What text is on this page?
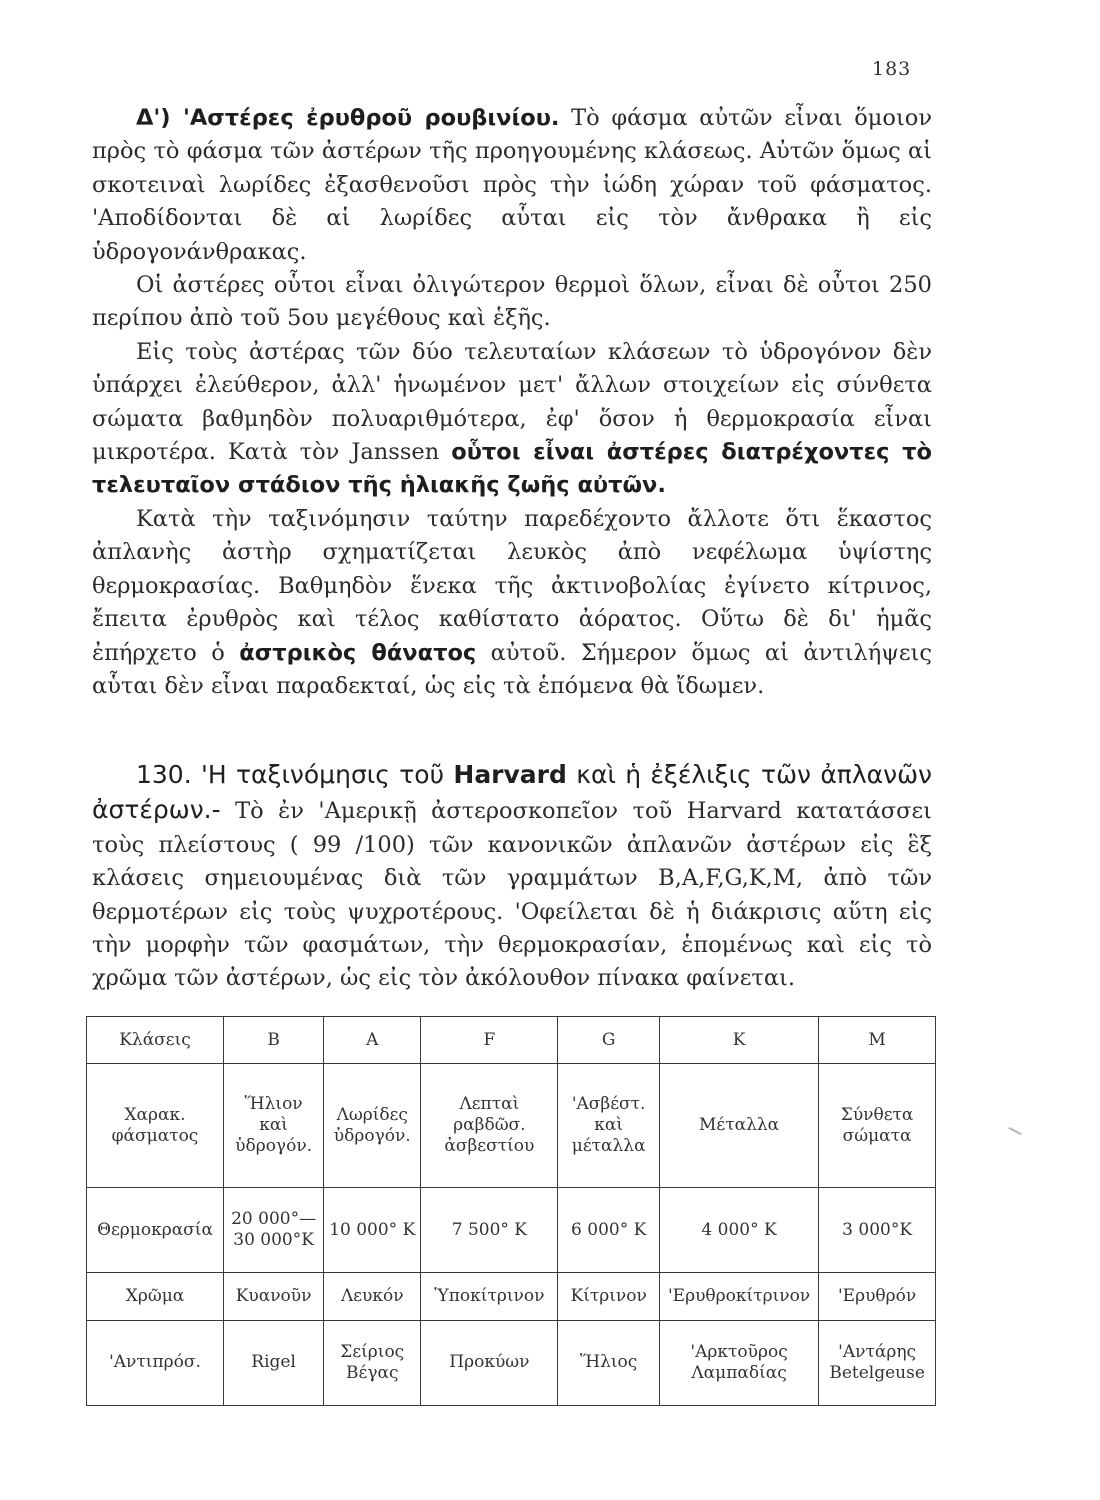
183

Δ') 'Αστέρες ἐρυθροῦ ρουβινίου. Τὸ φάσμα αὐτῶν εἶναι ὅμοιον πρὸς τὸ φάσμα τῶν ἀστέρων τῆς προηγουμένης κλάσεως. Αὐτῶν ὅμως αἱ σκοτειναὶ λωρίδες ἐξασθενοῦσι πρὸς τὴν ἰώδη χώραν τοῦ φάσματος. 'Αποδίδονται δὲ αἱ λωρίδες αὗται εἰς τὸν ἄνθρακα ἢ εἰς ὑδρογονάνθρακας.

Οἱ ἀστέρες οὗτοι εἶναι ὀλιγώτερον θερμοὶ ὅλων, εἶναι δὲ οὗτοι 250 περίπου ἀπὸ τοῦ 5ου μεγέθους καὶ ἑξῆς.

Εἰς τοὺς ἀστέρας τῶν δύο τελευταίων κλάσεων τὸ ὑδρογόνον δὲν ὑπάρχει ἐλεύθερον, ἀλλ' ἡνωμένον μετ' ἄλλων στοιχείων εἰς σύνθετα σώματα βαθμηδὸν πολυαριθμότερα, ἐφ' ὅσον ἡ θερμοκρασία εἶναι μικροτέρα. Κατὰ τὸν Janssen οὗτοι εἶναι ἀστέρες διατρέχοντες τὸ τελευταῖον στάδιον τῆς ἡλιακῆς ζωῆς αὐτῶν.

Κατὰ τὴν ταξινόμησιν ταύτην παρεδέχοντο ἄλλοτε ὅτι ἕκαστος ἀπλανὴς ἀστὴρ σχηματίζεται λευκὸς ἀπὸ νεφέλωμα ὑψίστης θερμοκρασίας. Βαθμηδὸν ἕνεκα τῆς ἀκτινοβολίας ἐγίνετο κίτρινος, ἔπειτα ἐρυθρὸς καὶ τέλος καθίστατο ἀόρατος. Οὕτω δὲ δι' ἡμᾶς ἐπήρχετο ὁ ἀστρικὸς θάνατος αὐτοῦ. Σήμερον ὅμως αἱ ἀντιλήψεις αὗται δὲν εἶναι παραδεκταί, ὡς εἰς τὰ ἑπόμενα θὰ ἴδωμεν.

130. 'Η ταξινόμησις τοῦ Harvard καὶ ἡ ἐξέλιξις τῶν ἀπλανῶν ἀστέρων.- Τὸ ἐν 'Αμερικῇ ἀστεροσκοπεῖον τοῦ Harvard κατατάσσει τοὺς πλείστους ( 99 /100) τῶν κανονικῶν ἀπλανῶν ἀστέρων εἰς ἓξ κλάσεις σημειουμένας διὰ τῶν γραμμάτων B,A,F,G,K,M, ἀπὸ τῶν θερμοτέρων εἰς τοὺς ψυχροτέρους. 'Οφείλεται δὲ ἡ διάκρισις αὕτη εἰς τὴν μορφὴν τῶν φασμάτων, τὴν θερμοκρασίαν, ἑπομένως καὶ εἰς τὸ χρῶμα τῶν ἀστέρων, ὡς εἰς τὸν ἀκόλουθον πίνακα φαίνεται.

Κλάσεις	B	A	F	G	K	M
Χαρακ. φάσματος	Ἥλιον καὶ ὑδρογόν.	Λωρίδες ὑδρογόν.	Λεπταὶ ραβδῶσ. ἀσβεστίου	'Ασβέστ. καὶ μέταλλα	Μέταλλα	Σύνθετα σώματα
Θερμοκρασία	20 000°— 30 000°K	10 000° K	7 500° K	6 000° K	4 000° K	3 000°K
Χρῶμα	Κυανοῦν	Λευκόν	Ὑποκίτρινον	Κίτρινον	'Ερυθροκίτρινον	'Ερυθρόν
'Αντιπρόσ.	Rigel	Σείριος Βέγας	Προκύων	Ἥλιος	'Αρκτοῦρος Λαμπαδίας	'Αντάρης Betelgeuse
